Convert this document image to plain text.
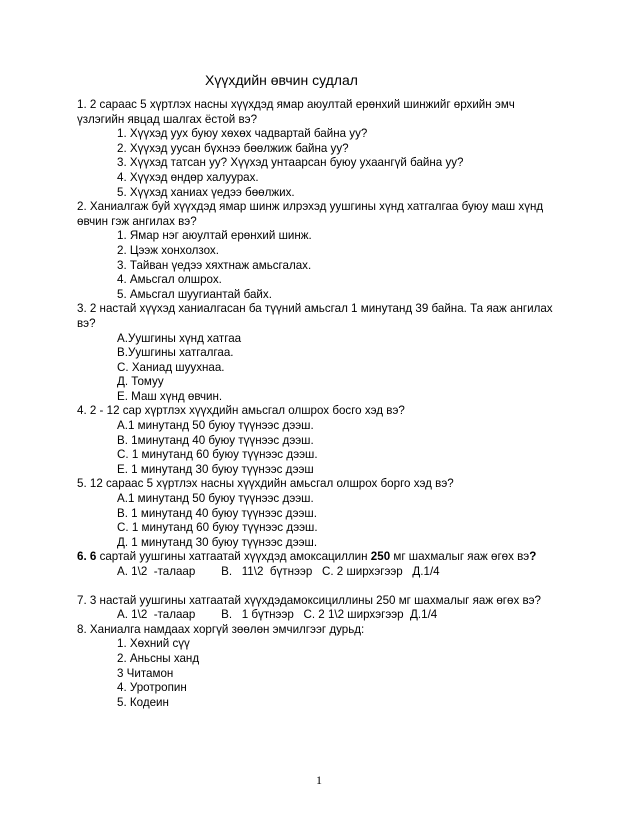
Хүүхдийн өвчин судлал

1. 2 сараас 5 хүртлэх насны хүүхдэд ямар аюултай ерөнхий шинжийг өрхийн эмч үзлэгийн явцад шалгах ёстой вэ?

1. Хүүхэд уух буюу хөхөх чадвартай байна уу?
2. Хүүхэд уусан бүхнээ бөөлжиж байна уу?
3. Хүүхэд татсан уу? Хүүхэд унтаарсан буюу ухаангүй байна уу?
4. Хүүхэд өндөр халуурах.
5. Хүүхэд ханиах үедээ бөөлжих.

2. Ханиалгаж буй хүүхдэд ямар шинж илрэхэд уушгины хүнд хатгалгаа буюу маш хүнд өвчин гэж ангилах вэ?

1. Ямар нэг аюултай ерөнхий шинж.
2. Цээж хонхолзох.
3. Тайван үедээ хяхтнаж амьсгалах.
4. Амьсгал олшрох.
5. Амьсгал шуугиантай байх.

3. 2 настай хүүхэд ханиалгасан ба түүний амьсгал 1 минутанд 39 байна. Та яаж ангилах вэ?

А.Уушгины хүнд хатгаа
В.Уушгины хатгалгаа.
С. Ханиад шуухнаа.
Д. Томуу
Е. Маш хүнд өвчин.

4. 2 - 12 сар хүртлэх хүүхдийн амьсгал олшрох босго хэд вэ?

А.1 минутанд 50 буюу түүнээс дээш.
В. 1минутанд 40 буюу түүнээс дээш.
С. 1 минутанд 60 буюу түүнээс дээш.
Е. 1 минутанд 30 буюу түүнээс дээш

5. 12 сараас 5 хүртлэх насны хүүхдийн амьсгал олшрох борго хэд вэ?

А.1 минутанд 50 буюу түүнээс дээш.
В. 1 минутанд 40 буюу түүнээс дээш.
С. 1 минутанд 60 буюу түүнээс дээш.
Д. 1 минутанд 30 буюу түүнээс дээш.

6. 6 сартай уушгины хатгаатай хүүхдэд амоксациллин 250 мг шахмалыг яаж өгөх вэ?

А. 1\2  -талаар        В.   11\2  бүтнээр   С. 2 ширхэгээр   Д.1/4

7. 3 настай уушгины хатгаатай хүүхдэдамоксициллины 250 мг шахмалыг яаж өгөх вэ?

А. 1\2  -талаар        В.   1 бүтнээр   С. 2 1\2 ширхэгээр  Д.1/4

8. Ханиалга намдаах хоргүй зөөлөн эмчилгээг дурьд:

1. Хөхний сүү
2. Аньсны ханд
3 Читамон
4. Уротропин
5. Кодеин
1
